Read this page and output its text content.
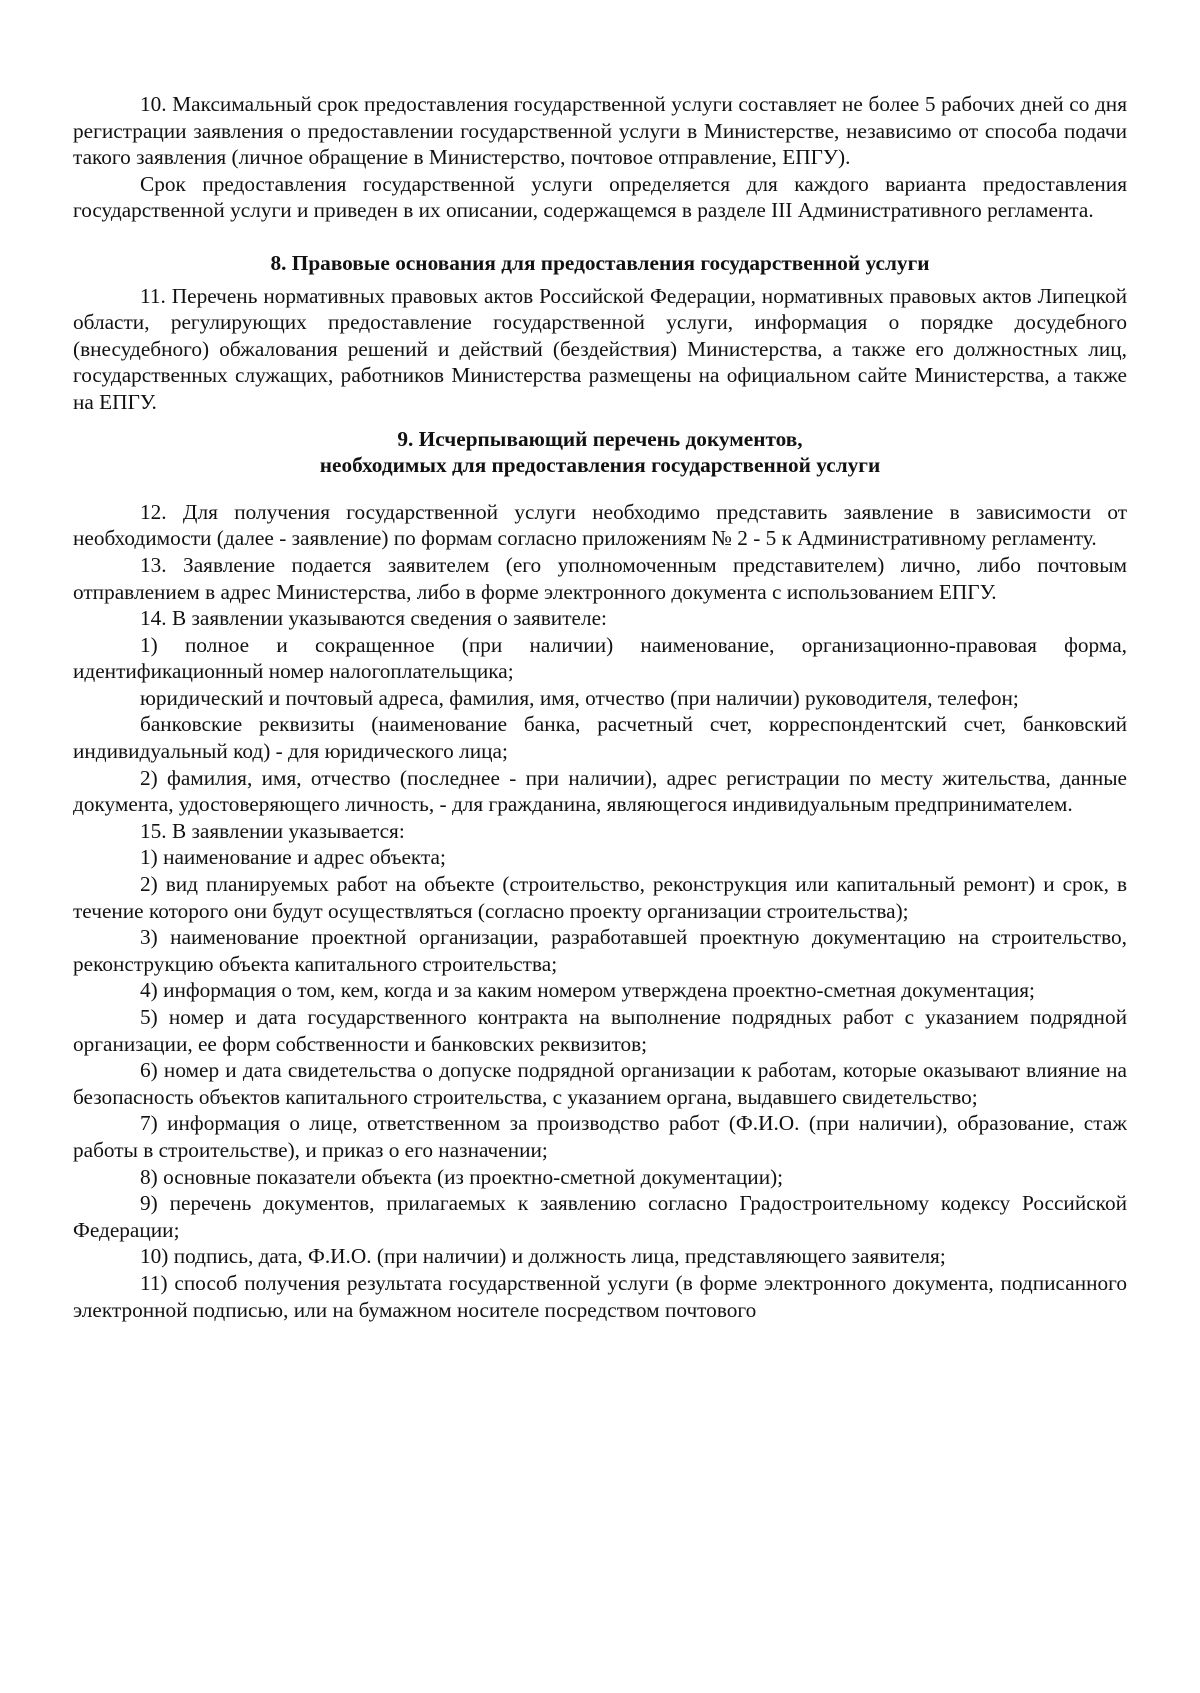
10. Максимальный срок предоставления государственной услуги составляет не более 5 рабочих дней со дня регистрации заявления о предоставлении государственной услуги в Министерстве, независимо от способа подачи такого заявления (личное обращение в Министерство, почтовое отправление, ЕПГУ).

Срок предоставления государственной услуги определяется для каждого варианта предоставления государственной услуги и приведен в их описании, содержащемся в разделе III Административного регламента.

8. Правовые основания для предоставления государственной услуги

11. Перечень нормативных правовых актов Российской Федерации, нормативных правовых актов Липецкой области, регулирующих предоставление государственной услуги, информация о порядке досудебного (внесудебного) обжалования решений и действий (бездействия) Министерства, а также его должностных лиц, государственных служащих, работников Министерства размещены на официальном сайте Министерства, а также на ЕПГУ.

9. Исчерпывающий перечень документов,
необходимых для предоставления государственной услуги

12. Для получения государственной услуги необходимо представить заявление в зависимости от необходимости (далее - заявление) по формам согласно приложениям № 2 - 5 к Административному регламенту.

13. Заявление подается заявителем (его уполномоченным представителем) лично, либо почтовым отправлением в адрес Министерства, либо в форме электронного документа с использованием ЕПГУ.

14. В заявлении указываются сведения о заявителе:

1) полное и сокращенное (при наличии) наименование, организационно-правовая форма, идентификационный номер налогоплательщика;

юридический и почтовый адреса, фамилия, имя, отчество (при наличии) руководителя, телефон;

банковские реквизиты (наименование банка, расчетный счет, корреспондентский счет, банковский индивидуальный код) - для юридического лица;

2) фамилия, имя, отчество (последнее - при наличии), адрес регистрации по месту жительства, данные документа, удостоверяющего личность, - для гражданина, являющегося индивидуальным предпринимателем.

15. В заявлении указывается:

1) наименование и адрес объекта;

2) вид планируемых работ на объекте (строительство, реконструкция или капитальный ремонт) и срок, в течение которого они будут осуществляться (согласно проекту организации строительства);

3) наименование проектной организации, разработавшей проектную документацию на строительство, реконструкцию объекта капитального строительства;

4) информация о том, кем, когда и за каким номером утверждена проектно-сметная документация;

5) номер и дата государственного контракта на выполнение подрядных работ с указанием подрядной организации, ее форм собственности и банковских реквизитов;

6) номер и дата свидетельства о допуске подрядной организации к работам, которые оказывают влияние на безопасность объектов капитального строительства, с указанием органа, выдавшего свидетельство;

7) информация о лице, ответственном за производство работ (Ф.И.О. (при наличии), образование, стаж работы в строительстве), и приказ о его назначении;

8) основные показатели объекта (из проектно-сметной документации);

9) перечень документов, прилагаемых к заявлению согласно Градостроительному кодексу Российской Федерации;

10) подпись, дата, Ф.И.О. (при наличии) и должность лица, представляющего заявителя;

11) способ получения результата государственной услуги (в форме электронного документа, подписанного электронной подписью, или на бумажном носителе посредством почтового
